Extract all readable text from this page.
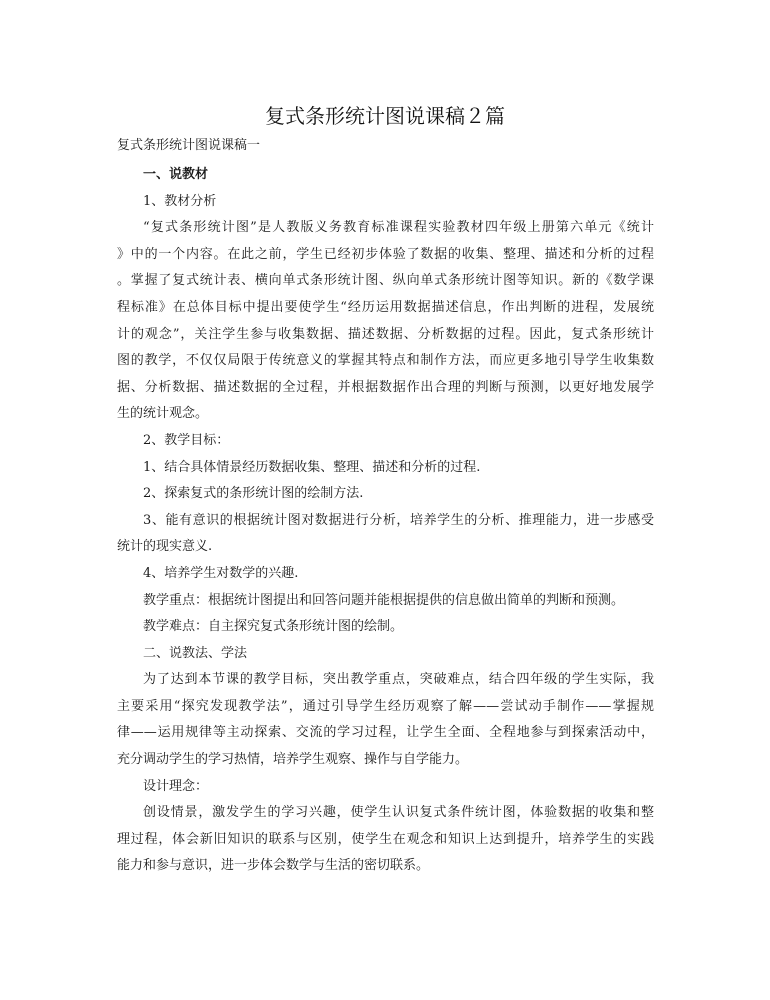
复式条形统计图说课稿２篇
复式条形统计图说课稿一

一、说教材

1、教材分析

“复式条形统计图”是人教版义务教育标准课程实验教材四年级上册第六单元《统计

》中的一个内容。在此之前，学生已经初步体验了数据的收集、整理、描述和分析的过程

。掌握了复式统计表、横向单式条形统计图、纵向单式条形统计图等知识。新的《数学课

程标准》在总体目标中提出要使学生“经历运用数据描述信息，作出判断的进程，发展统

计的观念”，关注学生参与收集数据、描述数据、分析数据的过程。因此，复式条形统计

图的教学，不仅仅局限于传统意义的掌握其特点和制作方法，而应更多地引导学生收集数

据、分析数据、描述数据的全过程，并根据数据作出合理的判断与预测，以更好地发展学

生的统计观念。

2、教学目标：

1、结合具体情景经历数据收集、整理、描述和分析的过程.

2、探索复式的条形统计图的绘制方法.

3、能有意识的根据统计图对数据进行分析，培养学生的分析、推理能力，进一步感受

统计的现实意义.

4、培养学生对数学的兴趣.

教学重点：根据统计图提出和回答问题并能根据提供的信息做出简单的判断和预测。

教学难点：自主探究复式条形统计图的绘制。

二、说教法、学法

为了达到本节课的教学目标，突出教学重点，突破难点，结合四年级的学生实际，我

主要采用“探究发现教学法”，通过引导学生经历观察了解——尝试动手制作——掌握规

律——运用规律等主动探索、交流的学习过程，让学生全面、全程地参与到探索活动中，

充分调动学生的学习热情，培养学生观察、操作与自学能力。

设计理念：

创设情景，激发学生的学习兴趣，使学生认识复式条件统计图，体验数据的收集和整

理过程，体会新旧知识的联系与区别，使学生在观念和知识上达到提升，培养学生的实践

能力和参与意识，进一步体会数学与生活的密切联系。
